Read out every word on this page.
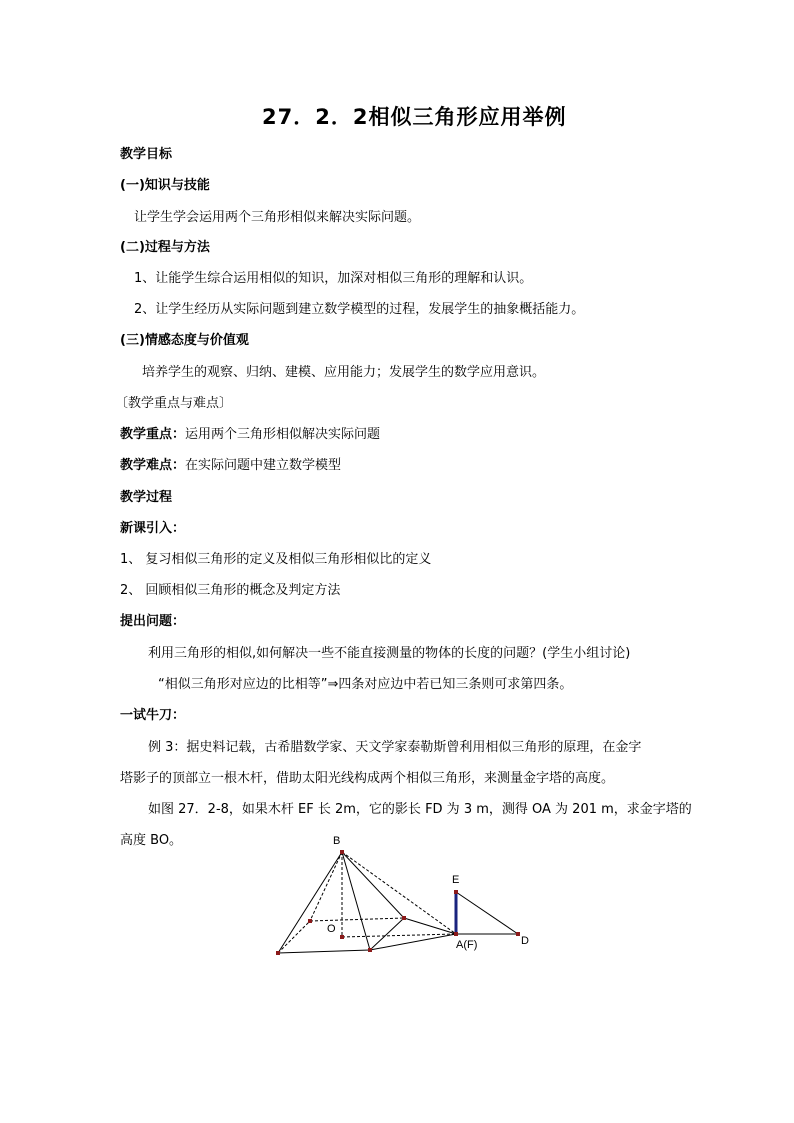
27．2．2相似三角形应用举例
教学目标
(一)知识与技能
让学生学会运用两个三角形相似来解决实际问题。
(二)过程与方法
1、让能学生综合运用相似的知识，加深对相似三角形的理解和认识。
2、让学生经历从实际问题到建立数学模型的过程，发展学生的抽象概括能力。
(三)情感态度与价值观
培养学生的观察、归纳、建模、应用能力；发展学生的数学应用意识。
〔教学重点与难点〕
教学重点：运用两个三角形相似解决实际问题
教学难点：在实际问题中建立数学模型
教学过程
新课引入：
1、 复习相似三角形的定义及相似三角形相似比的定义
2、 回顾相似三角形的概念及判定方法
提出问题：
利用三角形的相似,如何解决一些不能直接测量的物体的长度的问题？(学生小组讨论)
“相似三角形对应边的比相等”⇒四条对应边中若已知三条则可求第四条。
一试牛刀：
例 3：据史料记载，古希腊数学家、天文学家泰勒斯曾利用相似三角形的原理，在金字
塔影子的顶部立一根木杆，借助太阳光线构成两个相似三角形，来测量金字塔的高度。
如图 27．2-8，如果木杆 EF 长 2m，它的影长 FD 为 3 m，测得 OA 为 201 m，求金字塔的
高度 BO。	B
E
O
A(F)	D
